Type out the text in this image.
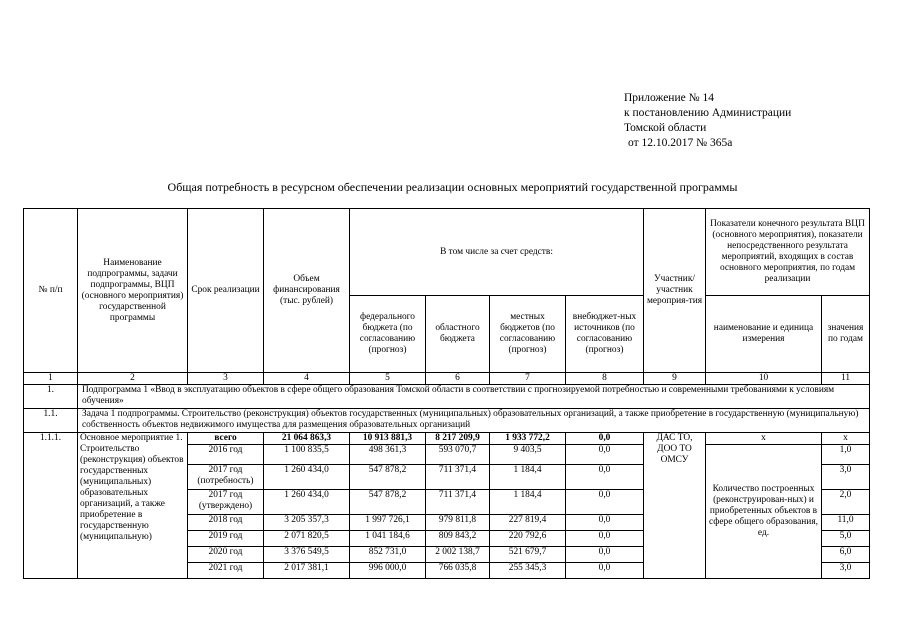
Приложение № 14
к постановлению Администрации
Томской области
от 12.10.2017 № 365а
Общая потребность в ресурсном обеспечении реализации основных мероприятий государственной программы
№ п/п	Наименование подпрограммы, задачи подпрограммы, ВЦП (основного мероприятия) государственной программы	Срок реализации	Объем финансирования (тыс. рублей)	В том числе за счет средств:				Участник/ участник мероприя-тия	Показатели конечного результата ВЦП (основного мероприятия), показатели непосредственного результата мероприятий, входящих в состав основного мероприятия, по годам реализации	
				федерального бюджета (по согласованию (прогноз)	областного бюджета	местных бюджетов (по согласованию (прогноз)	внебюджет-ных источников (по согласованию (прогноз)		наименование и единица измерения	значения по годам
1	2	3	4	5	6	7	8	9	10	11
1.	Подпрограмма 1 «Ввод в эксплуатацию объектов в сфере общего образования Томской области в соответствии с прогнозируемой потребностью и современными требованиями к условиям обучения»									
1.1.	Задача 1 подпрограммы. Строительство (реконструкция) объектов государственных (муниципальных) образовательных организаций, а также приобретение в государственную (муниципальную) собственность объектов недвижимого имущества для размещения образовательных организаций									
1.1.1.	Основное мероприятие 1. Строительство (реконструкция) объектов государственных (муниципальных) образовательных организаций, а также приобретение в государственную (муниципальную)	всего	21 064 863,3	10 913 881,3	8 217 209,9	1 933 772,2	0,0	ДАС ТО, ДОО ТО ОМСУ	х	х
		2016 год	1 100 835,5	498 361,3	593 070,7	9 403,5	0,0		Количество построенных (реконструирован-ных) и приобретенных объектов в сфере общего образования, ед.	1,0
		2017 год (потребность)	1 260 434,0	547 878,2	711 371,4	1 184,4	0,0			3,0
		2017 год (утверждено)	1 260 434,0	547 878,2	711 371,4	1 184,4	0,0			2,0
		2018 год	3 205 357,3	1 997 726,1	979 811,8	227 819,4	0,0			11,0
		2019 год	2 071 820,5	1 041 184,6	809 843,2	220 792,6	0,0			5,0
		2020 год	3 376 549,5	852 731,0	2 002 138,7	521 679,7	0,0			6,0
		2021 год	2 017 381,1	996 000,0	766 035,8	255 345,3	0,0			3,0
